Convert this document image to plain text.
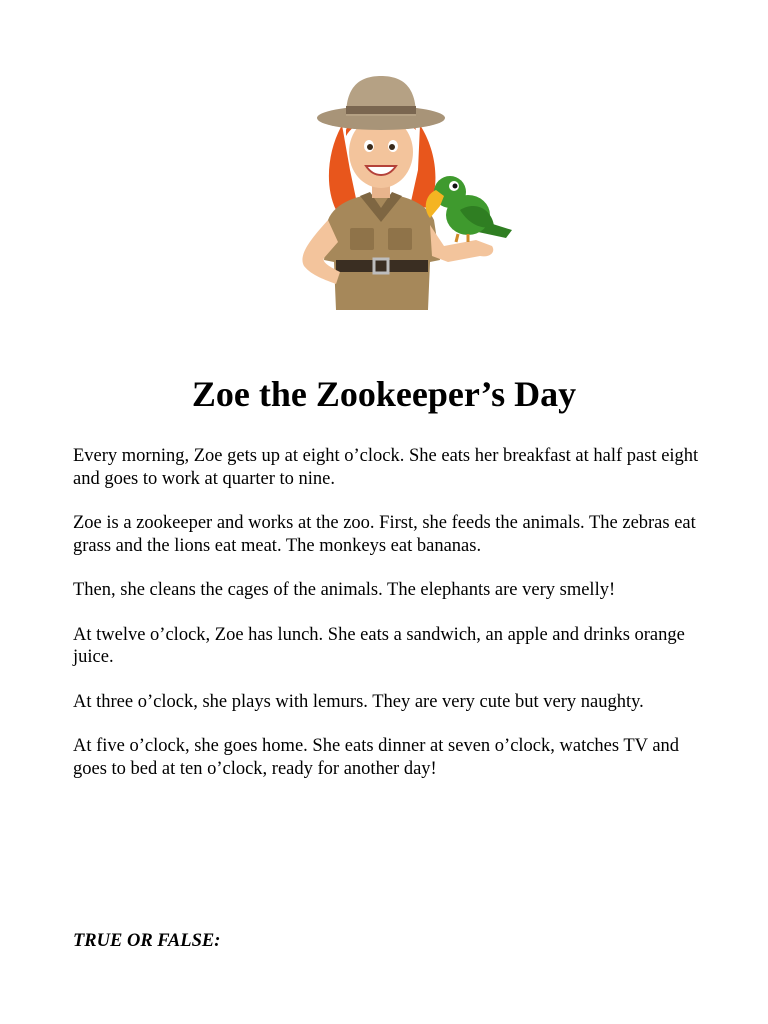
Zoe the Zookeeper’s Day

Every morning, Zoe gets up at eight o’clock. She eats her breakfast at half past eight and goes to work at quarter to nine.

Zoe is a zookeeper and works at the zoo. First, she feeds the animals. The zebras eat grass and the lions eat meat. The monkeys eat bananas.

Then, she cleans the cages of the animals. The elephants are very smelly!

At twelve o’clock, Zoe has lunch. She eats a sandwich, an apple and drinks orange juice.

At three o’clock, she plays with lemurs. They are very cute but very naughty.

At five o’clock, she goes home. She eats dinner at seven o’clock, watches TV and goes to bed at ten o’clock, ready for another day!

TRUE OR FALSE:
